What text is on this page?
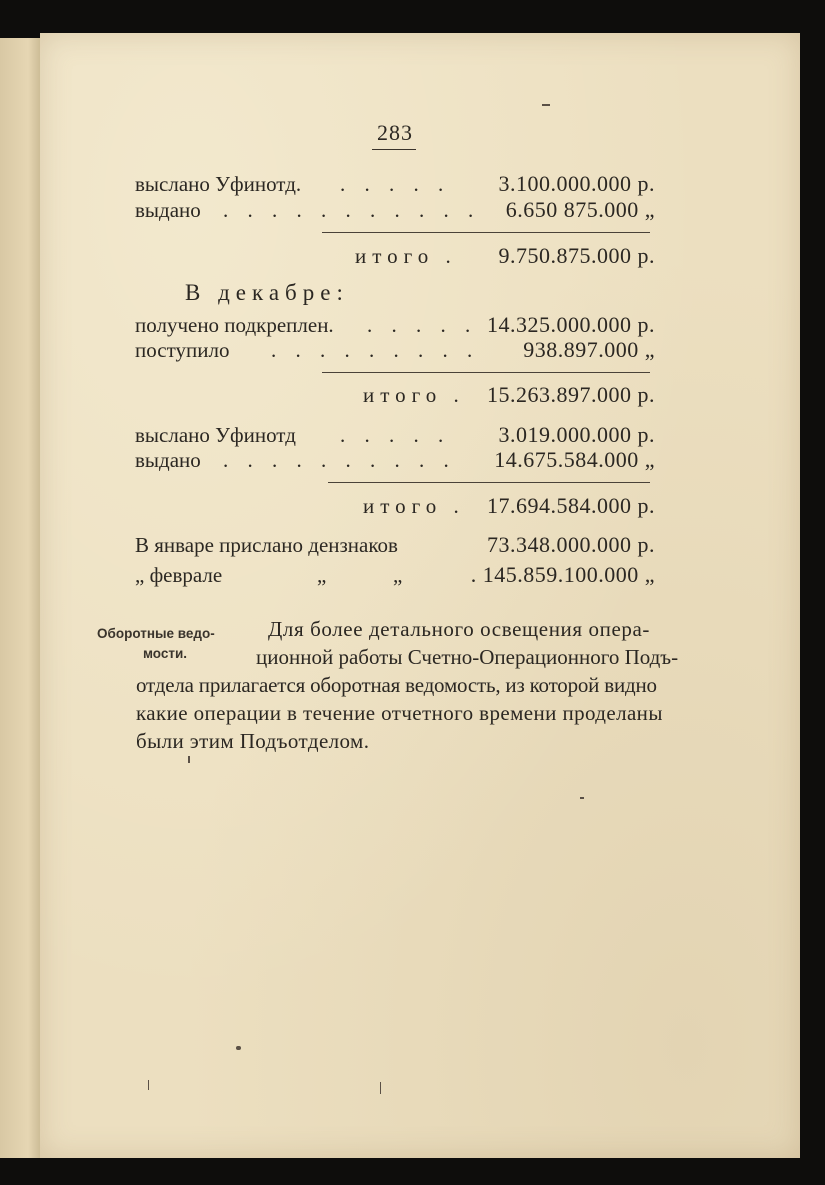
283
выслано Уфинотд. . . . . . 3.100.000.000 р.
выдано . . . . . . . . . . . 6.650 875.000 „
итого . 9.750.875.000 р.
В декабре:
получено подкреплен. . . . . . 14.325.000.000 р.
поступило . . . . . . . . . 938.897.000 „
итого . 15.263.897.000 р.
выслано Уфинотд . . . . . 3.019.000.000 р.
выдано . . . . . . . . . . 14.675.584.000 „
итого . 17.694.584.000 р.
В январе прислано дензнаков	73.348.000.000 р.
„ феврале	„	„	. 145.859.100.000 „
Оборотные ведо-
мости.
Для более детального освещения опера-
ционной работы Счетно-Операционного Подъ-
отдела прилагается оборотная ведомость, из которой видно
какие операции в течение отчетного времени проделаны
были этим Подъотделом.
